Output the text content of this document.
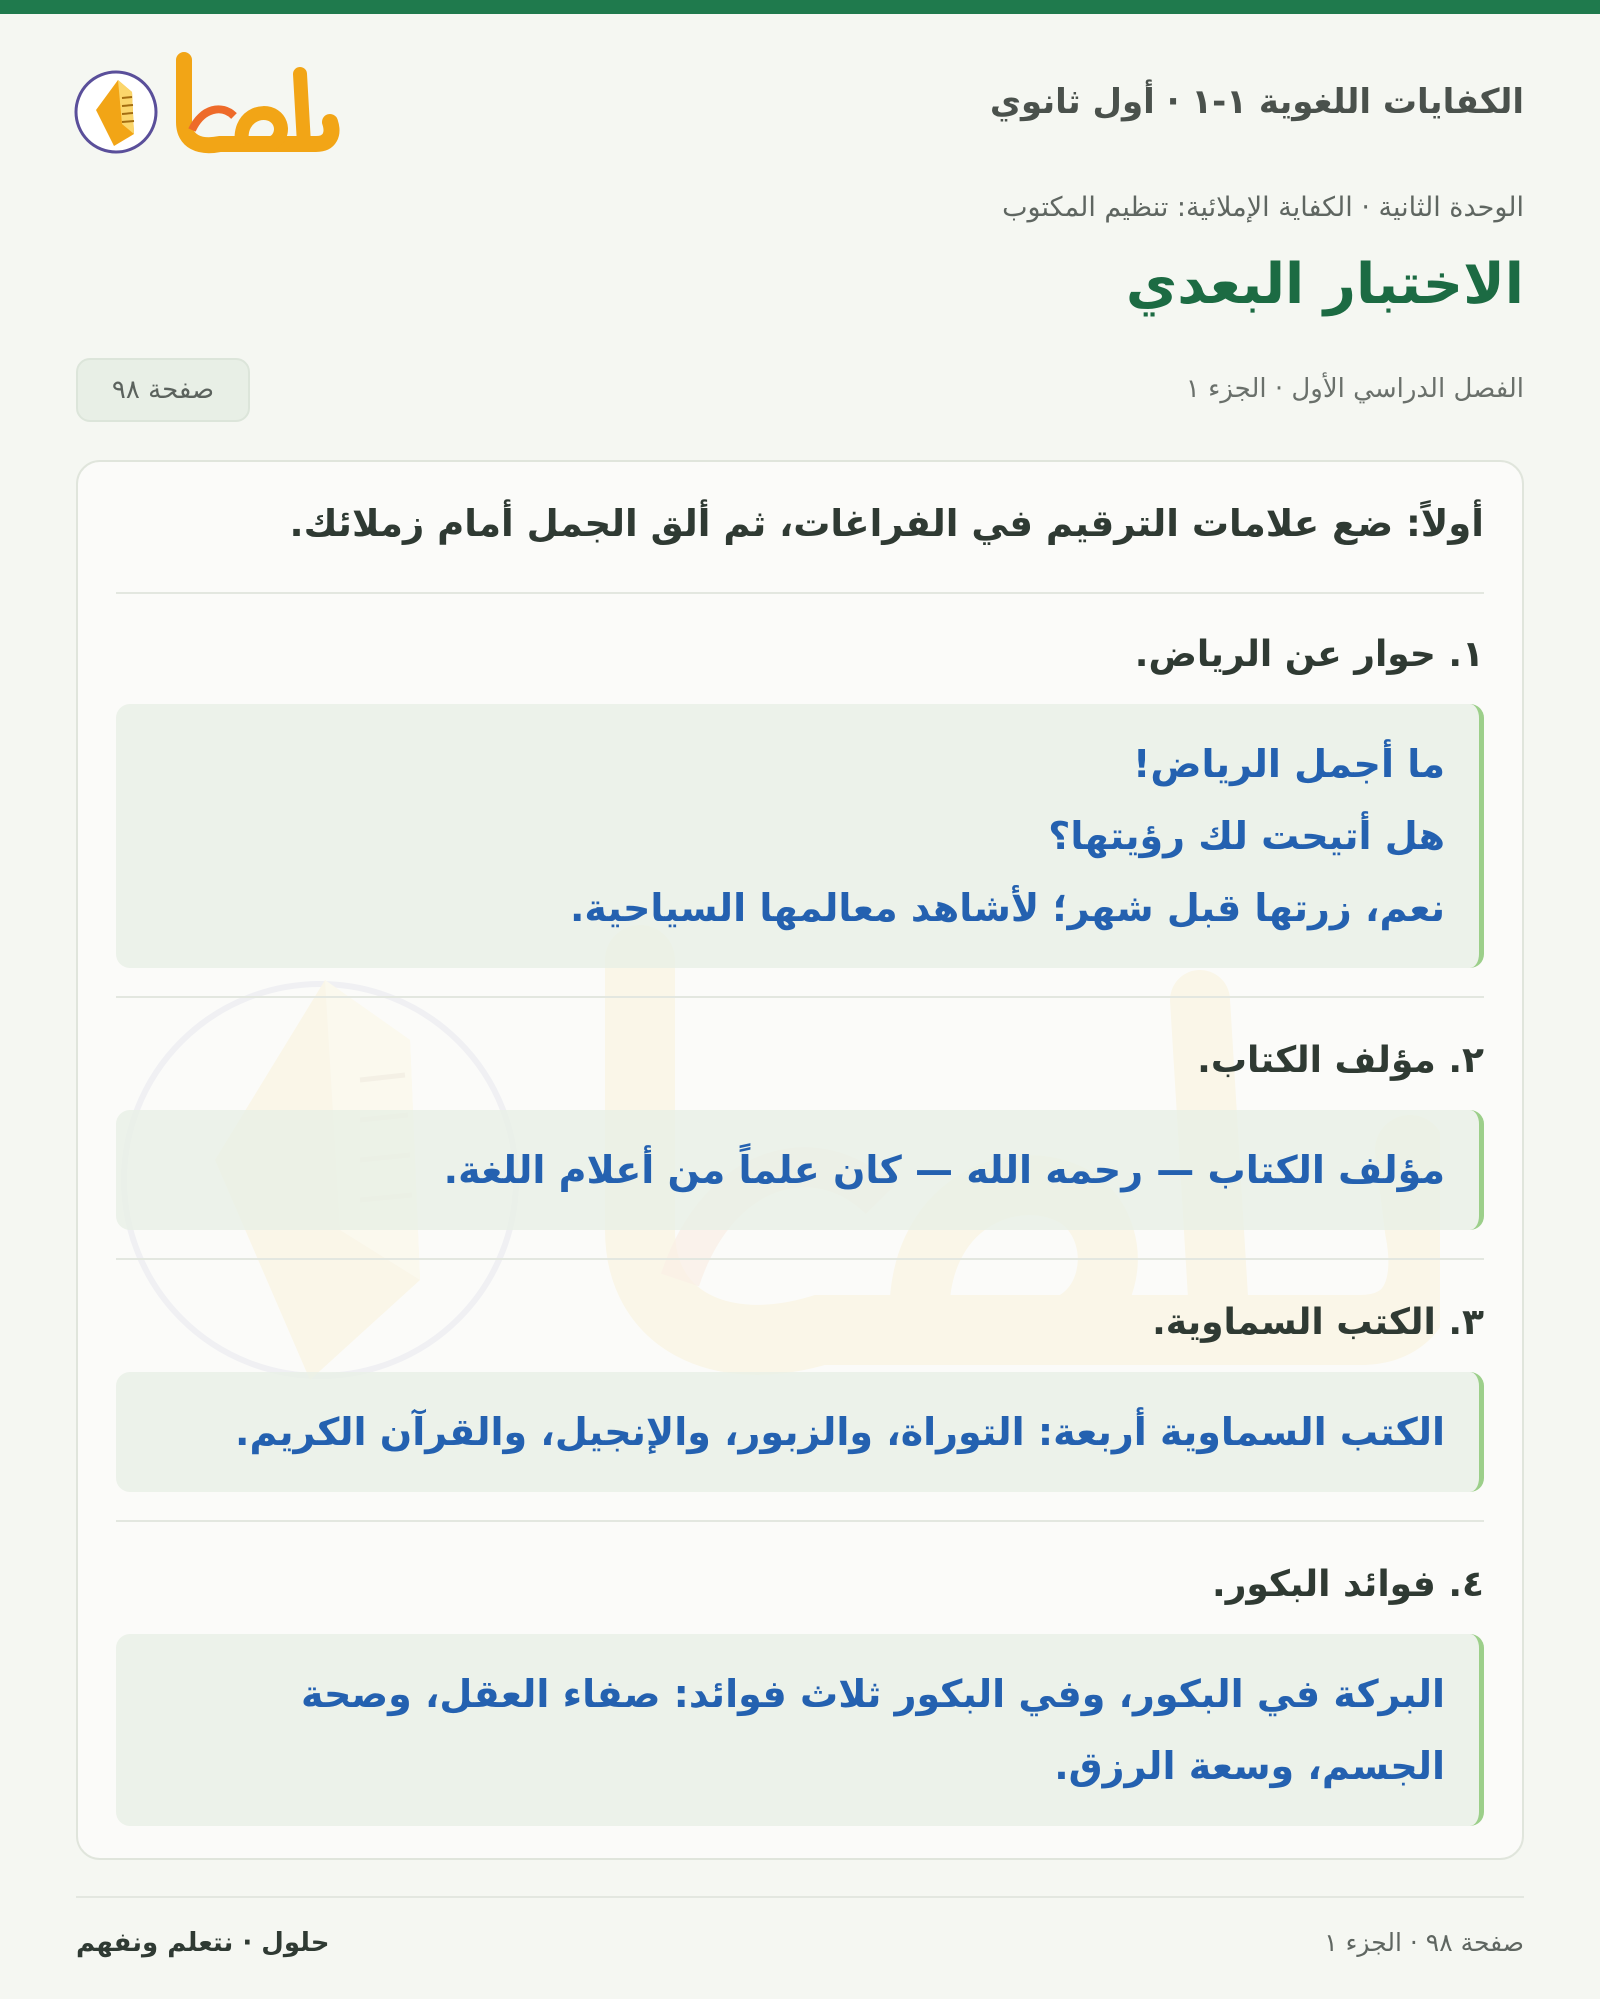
الكفايات اللغوية ١-١ · أول ثانوي
الوحدة الثانية · الكفاية الإملائية: تنظيم المكتوب
الاختبار البعدي
الفصل الدراسي الأول · الجزء ١
صفحة ٩٨
أولاً: ضع علامات الترقيم في الفراغات، ثم ألق الجمل أمام زملائك.
١. حوار عن الرياض.
ما أجمل الرياض!
هل أتيحت لك رؤيتها؟
نعم، زرتها قبل شهر؛ لأشاهد معالمها السياحية.
٢. مؤلف الكتاب.
مؤلف الكتاب — رحمه الله — كان علماً من أعلام اللغة.
٣. الكتب السماوية.
الكتب السماوية أربعة: التوراة، والزبور، والإنجيل، والقرآن الكريم.
٤. فوائد البكور.
البركة في البكور، وفي البكور ثلاث فوائد: صفاء العقل، وصحة
الجسم، وسعة الرزق.
صفحة ٩٨ · الجزء ١
حلول · نتعلم ونفهم
